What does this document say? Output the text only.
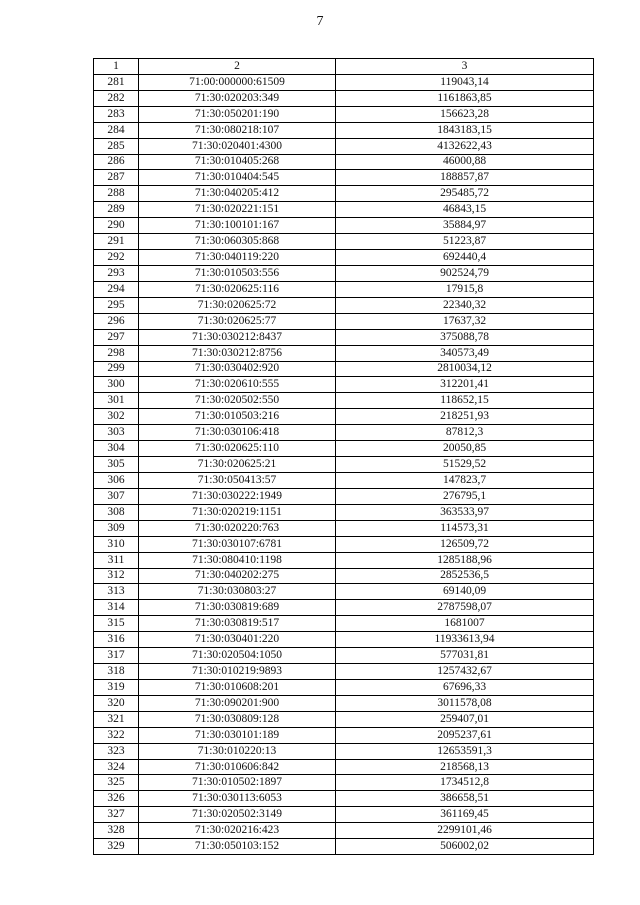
7
1	2	3
281	71:00:000000:61509	119043,14
282	71:30:020203:349	1161863,85
283	71:30:050201:190	156623,28
284	71:30:080218:107	1843183,15
285	71:30:020401:4300	4132622,43
286	71:30:010405:268	46000,88
287	71:30:010404:545	188857,87
288	71:30:040205:412	295485,72
289	71:30:020221:151	46843,15
290	71:30:100101:167	35884,97
291	71:30:060305:868	51223,87
292	71:30:040119:220	692440,4
293	71:30:010503:556	902524,79
294	71:30:020625:116	17915,8
295	71:30:020625:72	22340,32
296	71:30:020625:77	17637,32
297	71:30:030212:8437	375088,78
298	71:30:030212:8756	340573,49
299	71:30:030402:920	2810034,12
300	71:30:020610:555	312201,41
301	71:30:020502:550	118652,15
302	71:30:010503:216	218251,93
303	71:30:030106:418	87812,3
304	71:30:020625:110	20050,85
305	71:30:020625:21	51529,52
306	71:30:050413:57	147823,7
307	71:30:030222:1949	276795,1
308	71:30:020219:1151	363533,97
309	71:30:020220:763	114573,31
310	71:30:030107:6781	126509,72
311	71:30:080410:1198	1285188,96
312	71:30:040202:275	2852536,5
313	71:30:030803:27	69140,09
314	71:30:030819:689	2787598,07
315	71:30:030819:517	1681007
316	71:30:030401:220	11933613,94
317	71:30:020504:1050	577031,81
318	71:30:010219:9893	1257432,67
319	71:30:010608:201	67696,33
320	71:30:090201:900	3011578,08
321	71:30:030809:128	259407,01
322	71:30:030101:189	2095237,61
323	71:30:010220:13	12653591,3
324	71:30:010606:842	218568,13
325	71:30:010502:1897	1734512,8
326	71:30:030113:6053	386658,51
327	71:30:020502:3149	361169,45
328	71:30:020216:423	2299101,46
329	71:30:050103:152	506002,02
